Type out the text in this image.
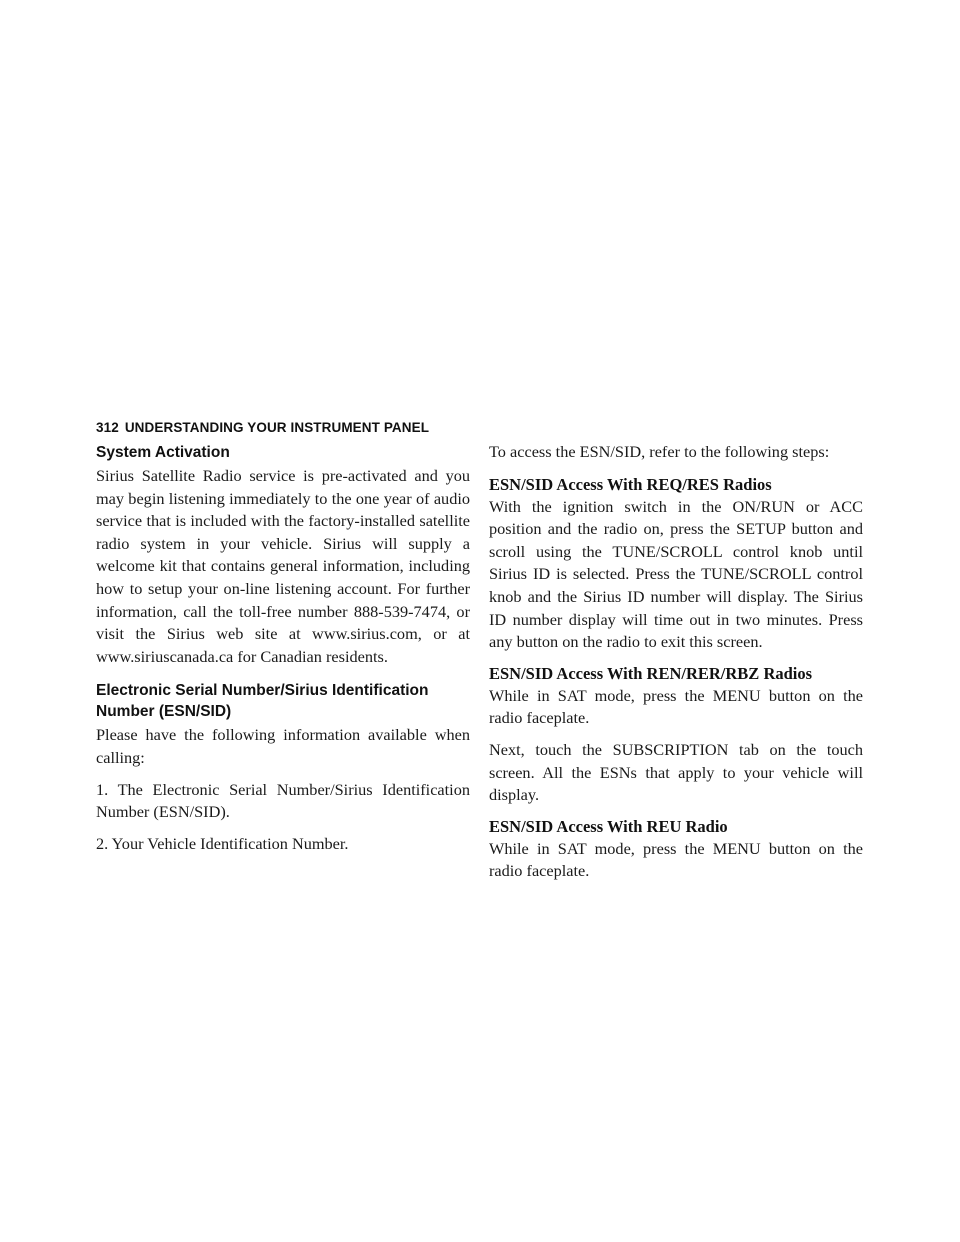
312 UNDERSTANDING YOUR INSTRUMENT PANEL
System Activation

Sirius Satellite Radio service is pre-activated and you may begin listening immediately to the one year of audio service that is included with the factory-installed satellite radio system in your vehicle. Sirius will supply a welcome kit that contains general information, including how to setup your on-line listening account. For further information, call the toll-free number 888-539-7474, or visit the Sirius web site at www.sirius.com, or at www.siriuscanada.ca for Canadian residents.

Electronic Serial Number/Sirius Identification Number (ESN/SID)

Please have the following information available when calling:

1. The Electronic Serial Number/Sirius Identification Number (ESN/SID).

2. Your Vehicle Identification Number.

To access the ESN/SID, refer to the following steps:

ESN/SID Access With REQ/RES Radios

With the ignition switch in the ON/RUN or ACC position and the radio on, press the SETUP button and scroll using the TUNE/SCROLL control knob until Sirius ID is selected. Press the TUNE/SCROLL control knob and the Sirius ID number will display. The Sirius ID number display will time out in two minutes. Press any button on the radio to exit this screen.

ESN/SID Access With REN/RER/RBZ Radios

While in SAT mode, press the MENU button on the radio faceplate.

Next, touch the SUBSCRIPTION tab on the touch screen. All the ESNs that apply to your vehicle will display.

ESN/SID Access With REU Radio

While in SAT mode, press the MENU button on the radio faceplate.
